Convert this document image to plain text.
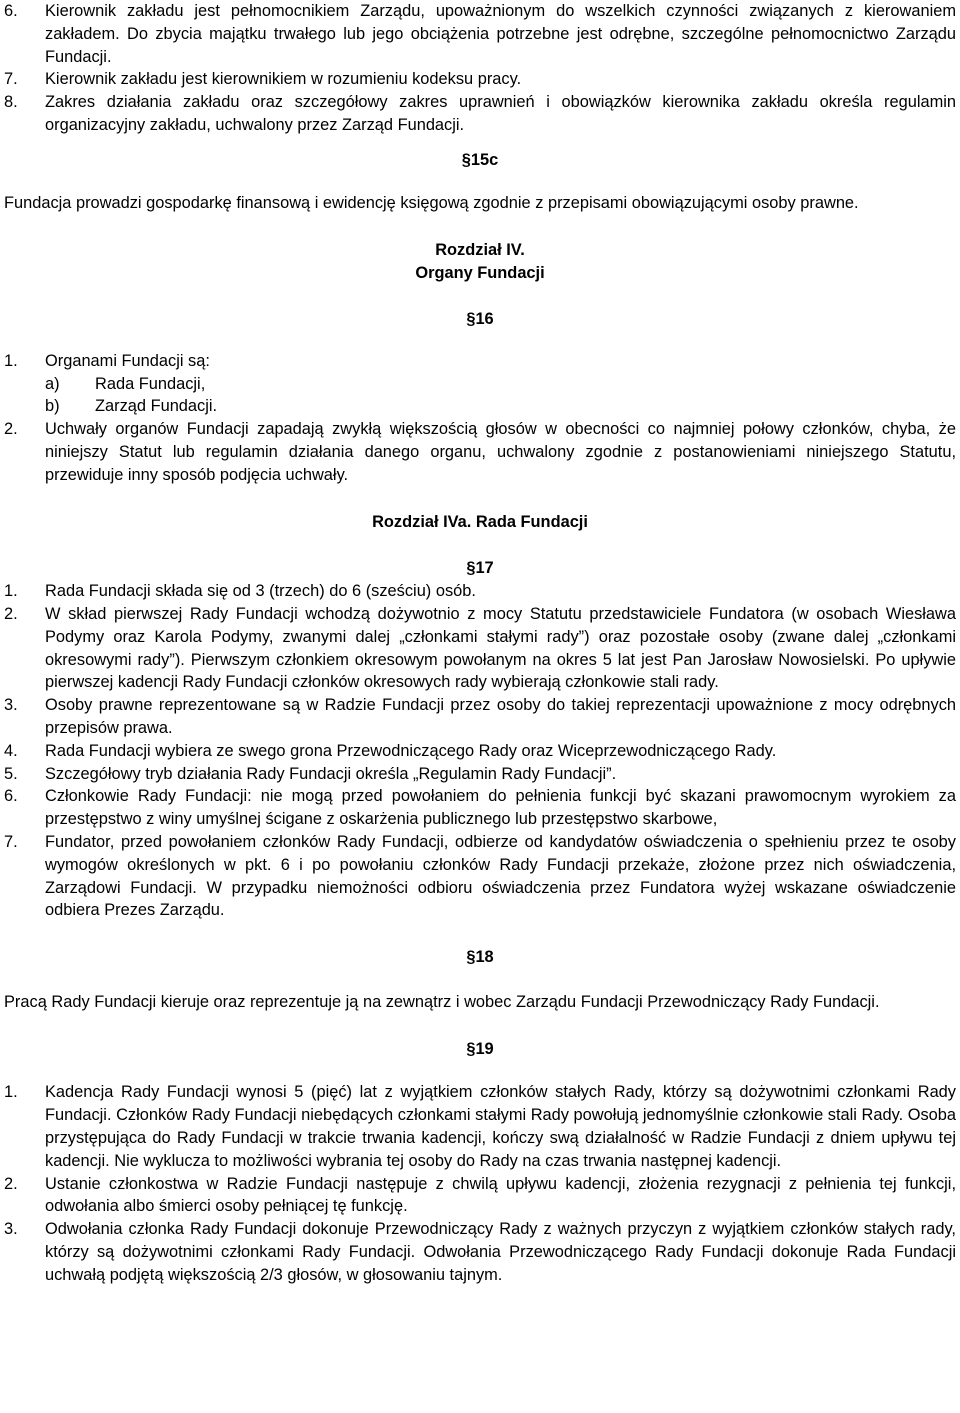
6. Kierownik zakładu jest pełnomocnikiem Zarządu, upoważnionym do wszelkich czynności związanych z kierowaniem zakładem. Do zbycia majątku trwałego lub jego obciążenia potrzebne jest odrębne, szczególne pełnomocnictwo Zarządu Fundacji.
7. Kierownik zakładu jest kierownikiem w rozumieniu kodeksu pracy.
8. Zakres działania zakładu oraz szczegółowy zakres uprawnień i obowiązków kierownika zakładu określa regulamin organizacyjny zakładu, uchwalony przez Zarząd Fundacji.
§15c
Fundacja prowadzi gospodarkę finansową i ewidencję księgową zgodnie z przepisami obowiązującymi osoby prawne.
Rozdział IV.
Organy Fundacji
§16
1. Organami Fundacji są:
a) Rada Fundacji,
b) Zarząd Fundacji.
2. Uchwały organów Fundacji zapadają zwykłą większością głosów w obecności co najmniej połowy członków, chyba, że niniejszy Statut lub regulamin działania danego organu, uchwalony zgodnie z postanowieniami niniejszego Statutu, przewiduje inny sposób podjęcia uchwały.
Rozdział IVa. Rada Fundacji
§17
1. Rada Fundacji składa się od 3 (trzech) do 6 (sześciu) osób.
2. W skład pierwszej Rady Fundacji wchodzą dożywotnio z mocy Statutu przedstawiciele Fundatora (w osobach Wiesława Podymy oraz Karola Podymy, zwanymi dalej „członkami stałymi rady”) oraz pozostałe osoby (zwane dalej „członkami okresowymi rady”). Pierwszym członkiem okresowym powołanym na okres 5 lat jest Pan Jarosław Nowosielski. Po upływie pierwszej kadencji Rady Fundacji członków okresowych rady wybierają członkowie stali rady.
3. Osoby prawne reprezentowane są w Radzie Fundacji przez osoby do takiej reprezentacji upoważnione z mocy odrębnych przepisów prawa.
4. Rada Fundacji wybiera ze swego grona Przewodniczącego Rady oraz Wiceprzewodniczącego Rady.
5. Szczegółowy tryb działania Rady Fundacji określa „Regulamin Rady Fundacji”.
6. Członkowie Rady Fundacji: nie mogą przed powołaniem do pełnienia funkcji być skazani prawomocnym wyrokiem za przestępstwo z winy umyślnej ścigane z oskarżenia publicznego lub przestępstwo skarbowe,
7. Fundator, przed powołaniem członków Rady Fundacji, odbierze od kandydatów oświadczenia o spełnieniu przez te osoby wymogów określonych w pkt. 6 i po powołaniu członków Rady Fundacji przekaże, złożone przez nich oświadczenia, Zarządowi Fundacji. W przypadku niemożności odbioru oświadczenia przez Fundatora wyżej wskazane oświadczenie odbiera Prezes Zarządu.
§18
Pracą Rady Fundacji kieruje oraz reprezentuje ją na zewnątrz i wobec Zarządu Fundacji Przewodniczący Rady Fundacji.
§19
1. Kadencja Rady Fundacji wynosi 5 (pięć) lat z wyjątkiem członków stałych Rady, którzy są dożywotnimi członkami Rady Fundacji. Członków Rady Fundacji niebędących członkami stałymi Rady powołują jednomyślnie członkowie stali Rady. Osoba przystępująca do Rady Fundacji w trakcie trwania kadencji, kończy swą działalność w Radzie Fundacji z dniem upływu tej kadencji. Nie wyklucza to możliwości wybrania tej osoby do Rady na czas trwania następnej kadencji.
2. Ustanie członkostwa w Radzie Fundacji następuje z chwilą upływu kadencji, złożenia rezygnacji z pełnienia tej funkcji, odwołania albo śmierci osoby pełniącej tę funkcję.
3. Odwołania członka Rady Fundacji dokonuje Przewodniczący Rady z ważnych przyczyn z wyjątkiem członków stałych rady, którzy są dożywotnimi członkami Rady Fundacji. Odwołania Przewodniczącego Rady Fundacji dokonuje Rada Fundacji uchwałą podjętą większością 2/3 głosów, w głosowaniu tajnym.
